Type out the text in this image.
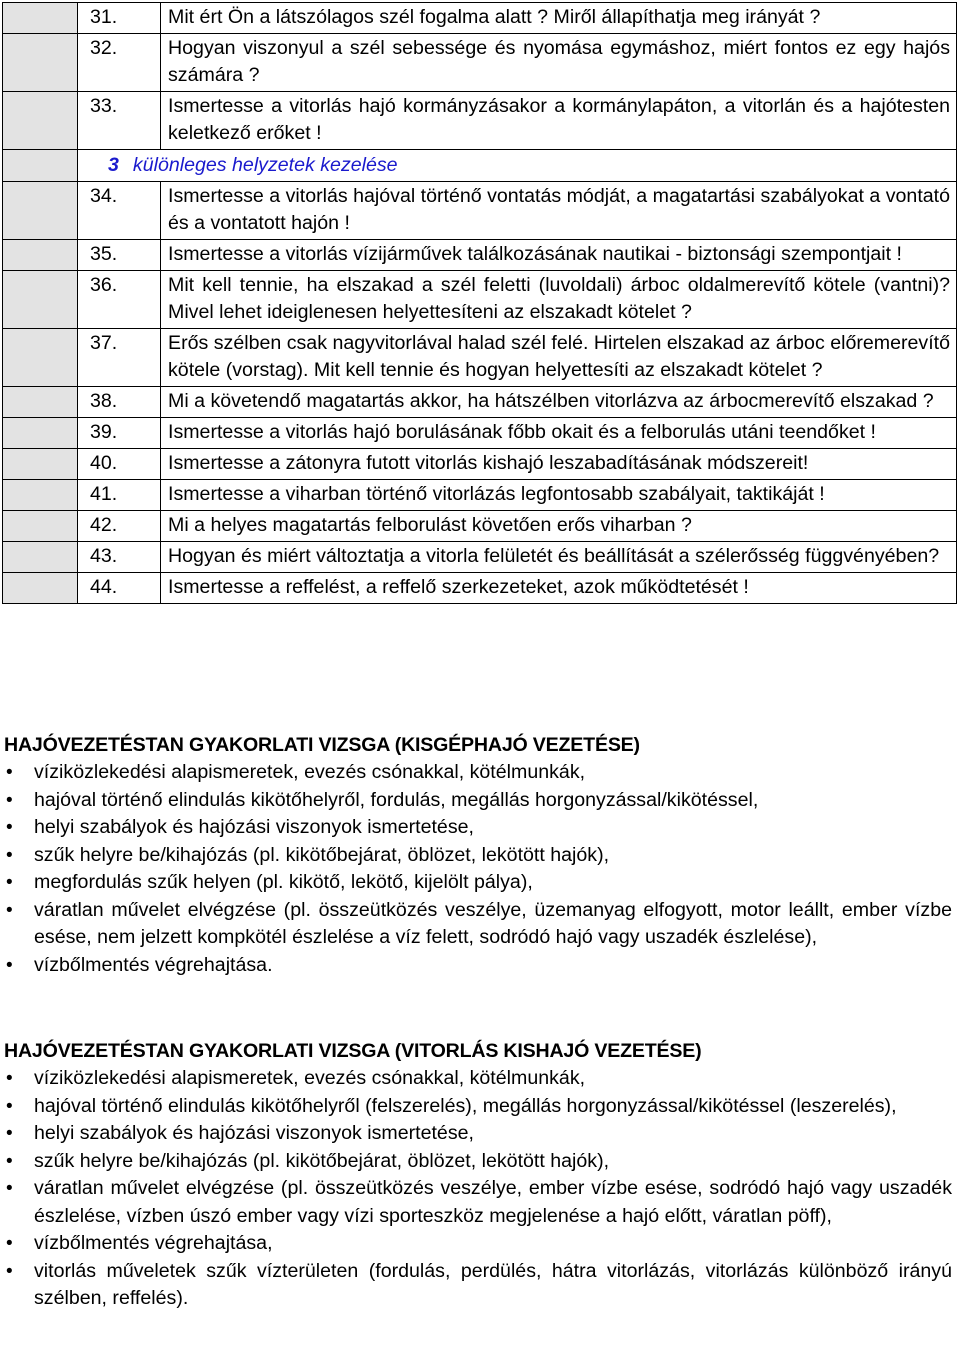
	31.	Mit ért Ön a látszólagos szél fogalma alatt ? Miről állapíthatja meg irányát ?
	32.	Hogyan viszonyul a szél sebessége és nyomása egymáshoz, miért fontos ez egy hajós számára ?
	33.	Ismertesse a vitorlás hajó kormányzásakor a kormánylapáton, a vitorlán és a hajótesten keletkező erőket !
	3 különleges helyzetek kezelése	
	34.	Ismertesse a vitorlás hajóval történő vontatás módját, a magatartási szabályokat a vontató és a vontatott hajón !
	35.	Ismertesse a vitorlás vízijárművek találkozásának nautikai - biztonsági szempontjait !
	36.	Mit kell tennie, ha elszakad a szél feletti (luvoldali) árboc oldalmerevítő kötele (vantni)? Mivel lehet ideiglenesen helyettesíteni az elszakadt kötelet ?
	37.	Erős szélben csak nagyvitorlával halad szél felé. Hirtelen elszakad az árboc előremerevítő kötele (vorstag). Mit kell tennie és hogyan helyettesíti az elszakadt kötelet ?
	38.	Mi a követendő magatartás akkor, ha hátszélben vitorlázva az árbocmerevítő elszakad ?
	39.	Ismertesse a vitorlás hajó borulásának főbb okait és a felborulás utáni teendőket !
	40.	Ismertesse a zátonyra futott vitorlás kishajó leszabadításának módszereit!
	41.	Ismertesse a viharban történő vitorlázás legfontosabb szabályait, taktikáját !
	42.	Mi a helyes magatartás felborulást követően erős viharban ?
	43.	Hogyan és miért változtatja a vitorla felületét és beállítását a szélerősség függvényében?
	44.	Ismertesse a reffelést, a reffelő szerkezeteket, azok működtetését !
HAJÓVEZETÉSTAN GYAKORLATI VIZSGA (KISGÉPHAJÓ VEZETÉSE)
• víziközlekedési alapismeretek, evezés csónakkal, kötélmunkák,
• hajóval történő elindulás kikötőhelyről, fordulás, megállás horgonyzással/kikötéssel,
• helyi szabályok és hajózási viszonyok ismertetése,
• szűk helyre be/kihajózás (pl. kikötőbejárat, öblözet, lekötött hajók),
• megfordulás szűk helyen (pl. kikötő, lekötő, kijelölt pálya),
• váratlan művelet elvégzése (pl. összeütközés veszélye, üzemanyag elfogyott, motor leállt, ember vízbe esése, nem jelzett kompkötél észlelése a víz felett, sodródó hajó vagy uszadék észlelése),
• vízbőlmentés végrehajtása.
HAJÓVEZETÉSTAN GYAKORLATI VIZSGA (VITORLÁS KISHAJÓ VEZETÉSE)
• víziközlekedési alapismeretek, evezés csónakkal, kötélmunkák,
• hajóval történő elindulás kikötőhelyről (felszerelés), megállás horgonyzással/kikötéssel (leszerelés),
• helyi szabályok és hajózási viszonyok ismertetése,
• szűk helyre be/kihajózás (pl. kikötőbejárat, öblözet, lekötött hajók),
• váratlan művelet elvégzése (pl. összeütközés veszélye, ember vízbe esése, sodródó hajó vagy uszadék észlelése, vízben úszó ember vagy vízi sporteszköz megjelenése a hajó előtt, váratlan pöff),
• vízbőlmentés végrehajtása,
• vitorlás műveletek szűk vízterületen (fordulás, perdülés, hátra vitorlázás, vitorlázás különböző irányú szélben, reffelés).
